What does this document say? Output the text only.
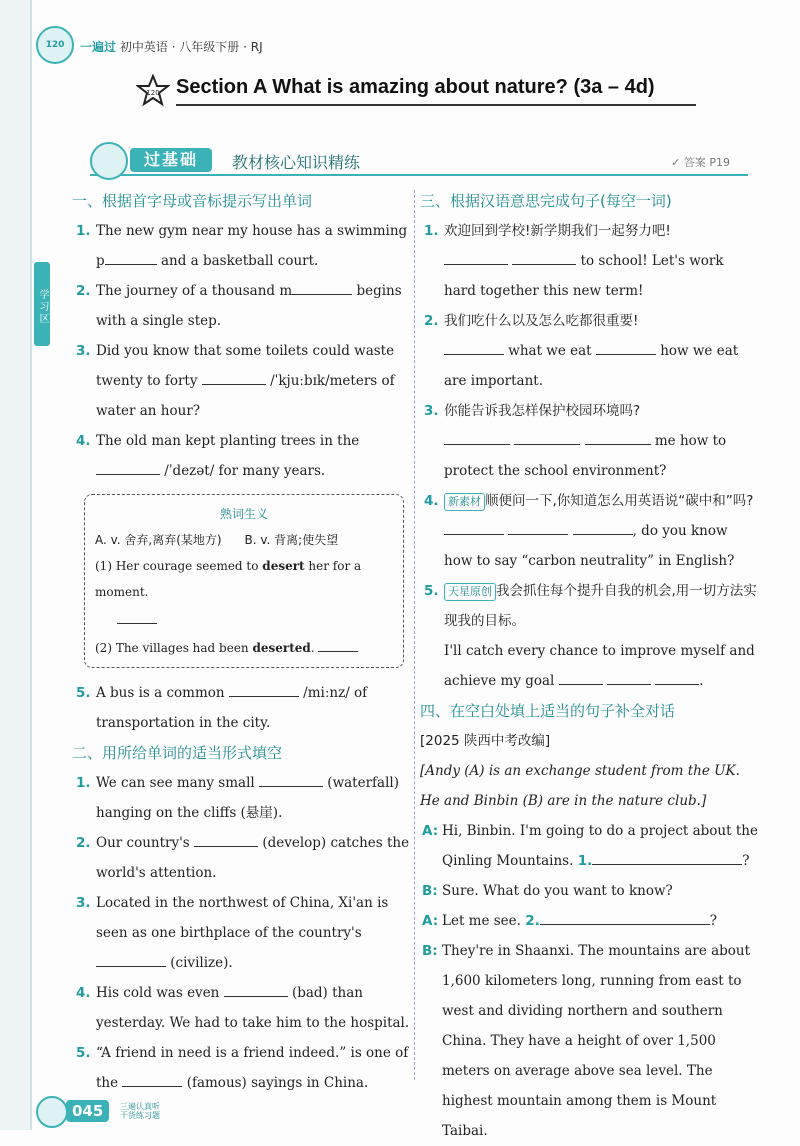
学习区
120	一遍过 初中英语 · 八年级下册 · RJ
120 Section A What is amazing about nature? (3a – 4d)
过基础	教材核心知识精练	✓ 答案 P19
一、根据首字母或音标提示写出单词
1. The new gym near my house has a swimming p	and a basketball court.
2. The journey of a thousand m	begins with a single step.
3. Did you know that some toilets could waste twenty to forty	/ˈkjuːbɪk/meters of water an hour?
4. The old man kept planting trees in the  /ˈdezət/ for many years.
熟词生义
A. v. 舍弃,离弃(某地方) B. v. 背离;使失望
(1) Her courage seemed to desert her for a moment.

(2) The villages had been deserted.
5. A bus is a common	/miːnz/ of transportation in the city.
二、用所给单词的适当形式填空
1. We can see many small	(waterfall) hanging on the cliffs (悬崖).
2. Our country's	(develop) catches the world's attention.
3. Located in the northwest of China, Xi'an is seen as one birthplace of the country's  (civilize).
4. His cold was even	(bad) than yesterday. We had to take him to the hospital.
5. “A friend in need is a friend indeed.” is one of the	(famous) sayings in China.
三、根据汉语意思完成句子(每空一词)
1. 欢迎回到学校!新学期我们一起努力吧!
to school! Let's work hard together this new term!
2. 我们吃什么以及怎么吃都很重要!
what we eat	how we eat are important.
3. 你能告诉我怎样保护校园环境吗?
me how to protect the school environment?
4. 新素材 顺便问一下,你知道怎么用英语说“碳中和”吗?
, do you know how to say “carbon neutrality” in English?
5. 天星原创 我会抓住每个提升自我的机会,用一切方法实现我的目标。
I'll catch every chance to improve myself and achieve my goal	.
四、在空白处填上适当的句子补全对话
[2025 陕西中考改编]
[Andy (A) is an exchange student from the UK. He and Binbin (B) are in the nature club.]
A: Hi, Binbin. I'm going to do a project about the Qinling Mountains. 1.	?
B: Sure. What do you want to know?
A: Let me see. 2.	?
B: They're in Shaanxi. The mountains are about 1,600 kilometers long, running from east to west and dividing northern and southern China. They have a height of over 1,500 meters on average above sea level. The highest mountain among them is Mount Taibai.
045	三遍认真听 干货练习题
